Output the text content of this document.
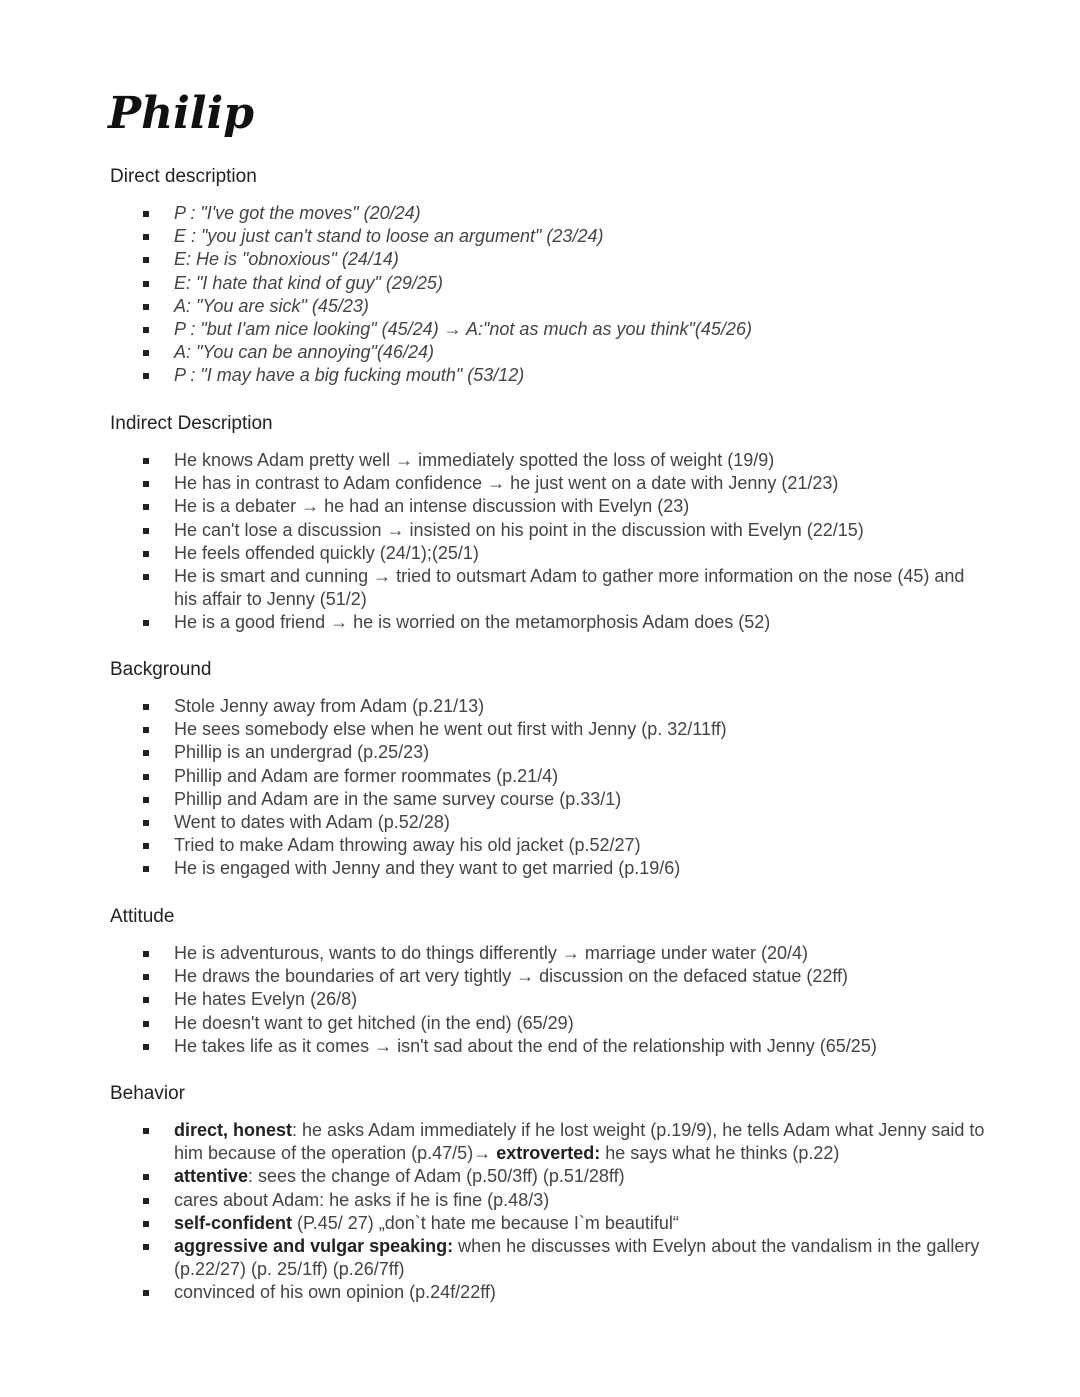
Philip
Direct description
P : "I've got the moves" (20/24)
E : "you just can't stand to loose an argument" (23/24)
E: He is "obnoxious" (24/14)
E: "I hate that kind of guy" (29/25)
A: "You are sick" (45/23)
P : "but I'am nice looking" (45/24) → A:"not as much as you think"(45/26)
A: "You can be annoying"(46/24)
P : "I may have a big fucking mouth" (53/12)
Indirect Description
He knows Adam pretty well → immediately spotted the loss of weight (19/9)
He has in contrast to Adam confidence → he just went on a date with Jenny (21/23)
He is a debater → he had an intense discussion with Evelyn (23)
He can't lose a discussion → insisted on his point in the discussion with Evelyn (22/15)
He feels offended quickly (24/1);(25/1)
He is smart and cunning → tried to outsmart Adam to gather more information on the nose (45) and his affair to Jenny (51/2)
He is a good friend → he is worried on the metamorphosis Adam does (52)
Background
Stole Jenny away from Adam (p.21/13)
He sees somebody else when he went out first with Jenny (p. 32/11ff)
Phillip is an undergrad (p.25/23)
Phillip and Adam are former roommates (p.21/4)
Phillip and Adam are in the same survey course (p.33/1)
Went to dates with Adam (p.52/28)
Tried to make Adam throwing away his old jacket (p.52/27)
He is engaged with Jenny and they want to get married (p.19/6)
Attitude
He is adventurous, wants to do things differently → marriage under water (20/4)
He draws the boundaries of art very tightly → discussion on the defaced statue (22ff)
He hates Evelyn (26/8)
He doesn't want to get hitched (in the end) (65/29)
He takes life as it comes → isn't sad about the end of the relationship with Jenny (65/25)
Behavior
direct, honest: he asks Adam immediately if he lost weight (p.19/9), he tells Adam what Jenny said to him because of the operation (p.47/5)→ extroverted: he says what he thinks (p.22)
attentive: sees the change of Adam (p.50/3ff) (p.51/28ff)
cares about Adam: he asks if he is fine (p.48/3)
self-confident (P.45/ 27) „don`t hate me because I`m beautiful“
aggressive and vulgar speaking: when he discusses with Evelyn about the vandalism in the gallery (p.22/27) (p. 25/1ff) (p.26/7ff)
convinced of his own opinion (p.24f/22ff)
